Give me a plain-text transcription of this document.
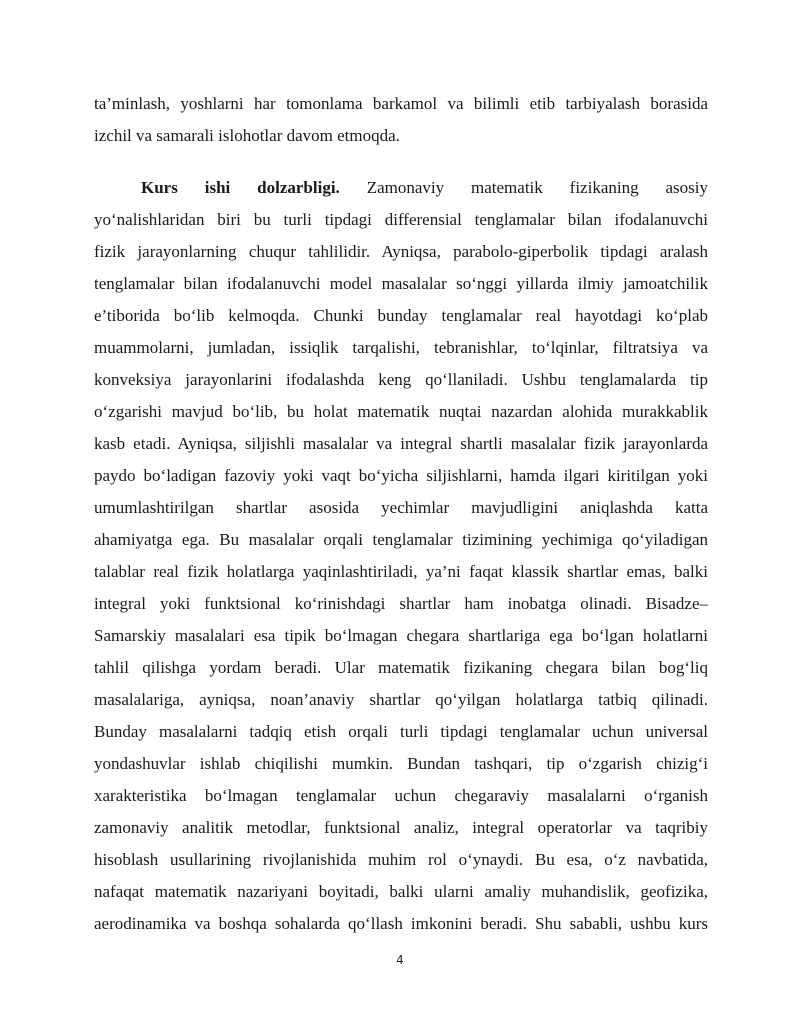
ta’minlash, yoshlarni har tomonlama barkamol va bilimli etib tarbiyalash borasida
izchil va samarali islohotlar davom etmoqda.
Kurs ishi dolzarbligi. Zamonaviy matematik fizikaning asosiy
yo‘nalishlaridan biri bu turli tipdagi differensial tenglamalar bilan ifodalanuvchi
fizik jarayonlarning chuqur tahlilidir. Ayniqsa, parabolo-giperbolik tipdagi aralash
tenglamalar bilan ifodalanuvchi model masalalar so‘nggi yillarda ilmiy jamoatchilik
e’tiborida bo‘lib kelmoqda. Chunki bunday tenglamalar real hayotdagi ko‘plab
muammolarni, jumladan, issiqlik tarqalishi, tebranishlar, to‘lqinlar, filtratsiya va
konveksiya jarayonlarini ifodalashda keng qo‘llaniladi. Ushbu tenglamalarda tip
o‘zgarishi mavjud bo‘lib, bu holat matematik nuqtai nazardan alohida murakkablik
kasb etadi. Ayniqsa, siljishli masalalar va integral shartli masalalar fizik jarayonlarda
paydo bo‘ladigan fazoviy yoki vaqt bo‘yicha siljishlarni, hamda ilgari kiritilgan yoki
umumlashtirilgan shartlar asosida yechimlar mavjudligini aniqlashda katta
ahamiyatga ega. Bu masalalar orqali tenglamalar tizimining yechimiga qo‘yiladigan
talablar real fizik holatlarga yaqinlashtiriladi, ya’ni faqat klassik shartlar emas, balki
integral yoki funktsional ko‘rinishdagi shartlar ham inobatga olinadi. Bisadze–
Samarskiy masalalari esa tipik bo‘lmagan chegara shartlariga ega bo‘lgan holatlarni
tahlil qilishga yordam beradi. Ular matematik fizikaning chegara bilan bog‘liq
masalalariga, ayniqsa, noan’anaviy shartlar qo‘yilgan holatlarga tatbiq qilinadi.
Bunday masalalarni tadqiq etish orqali turli tipdagi tenglamalar uchun universal
yondashuvlar ishlab chiqilishi mumkin. Bundan tashqari, tip o‘zgarish chizig‘i
xarakteristika bo‘lmagan tenglamalar uchun chegaraviy masalalarni o‘rganish
zamonaviy analitik metodlar, funktsional analiz, integral operatorlar va taqribiy
hisoblash usullarining rivojlanishida muhim rol o‘ynaydi. Bu esa, o‘z navbatida,
nafaqat matematik nazariyani boyitadi, balki ularni amaliy muhandislik, geofizika,
aerodinamika va boshqa sohalarda qo‘llash imkonini beradi. Shu sababli, ushbu kurs
4
